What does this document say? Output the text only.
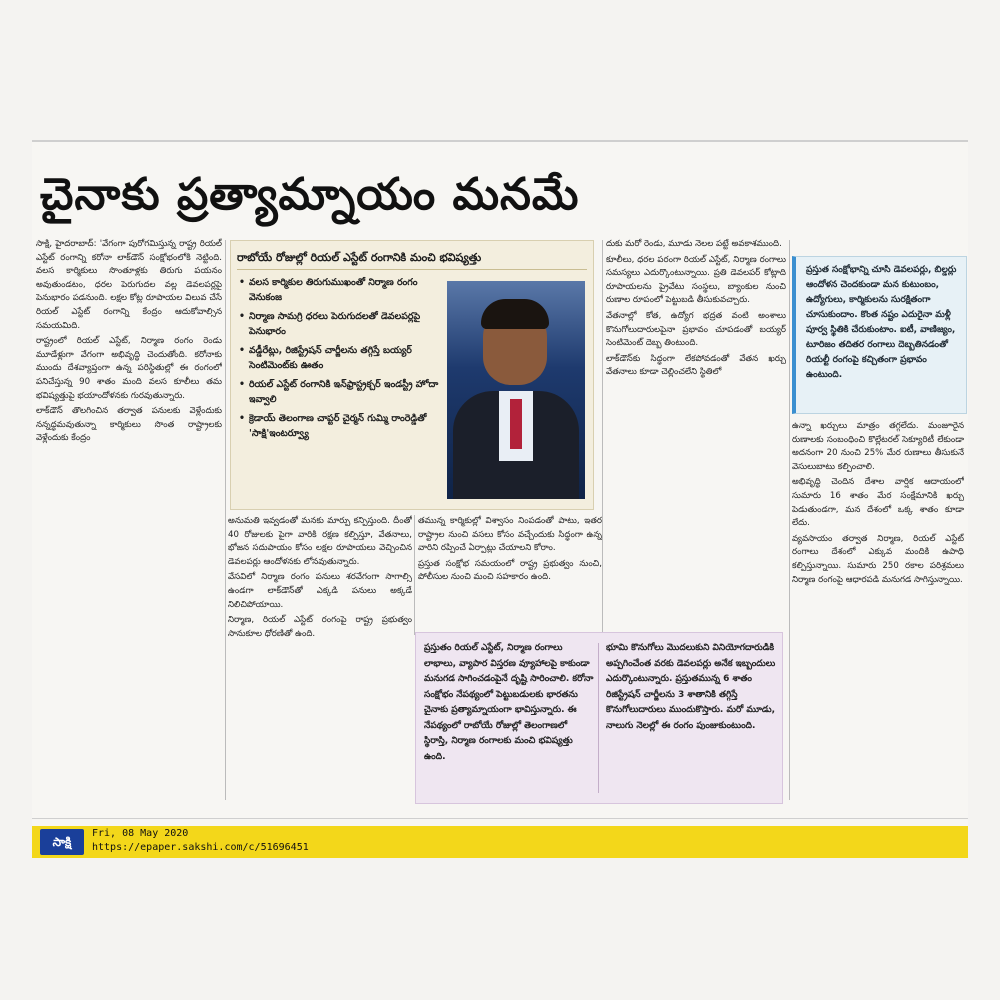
చైనాకు ప్రత్యామ్నాయం మనమే

సాక్షి, హైదరాబాద్‌: 'వేగంగా పురోగమిస్తున్న రాష్ట్ర రియల్‌ ఎస్టేట్‌ రంగాన్ని కరోనా లాక్‌డౌన్‌ సంక్షోభంలోకి నెట్టింది. వలస కార్మికులు సొంతూళ్లకు తిరుగు పయనం అవుతుండటం, ధరల పెరుగుదల వల్ల డెవలపర్లపై పెనుభారం పడనుంది. లక్షల కోట్ల రూపాయల విలువ చేసే రియల్‌ ఎస్టేట్‌ రంగాన్ని కేంద్రం ఆదుకోవాల్సిన సమయమిది.

రాష్ట్రంలో రియల్‌ ఎస్టేట్, నిర్మాణ రంగం రెండు మూడేళ్లుగా వేగంగా అభివృద్ధి చెందుతోంది. కరోనాకు ముందు దేశవ్యాప్తంగా ఉన్న పరిస్థితుల్లో ఈ రంగంలో పనిచేస్తున్న 90 శాతం మంది వలస కూలీలు తమ భవిష్యత్తుపై భయాందోళనకు గురవుతున్నారు.

లాక్‌డౌన్‌ తొలగించిన తర్వాత పనులకు వెళ్లేందుకు నన్నద్ధమవుతున్నా కార్మికులు సొంత రాష్ట్రాలకు వెళ్లేందుకు కేంద్రం

రాబోయే రోజుల్లో రియల్‌ ఎస్టేట్‌ రంగానికి మంచి భవిష్యత్తు
• వలస కార్మికుల తిరుగుముఖంతో నిర్మాణ రంగం వెనుకంజ
• నిర్మాణ సామగ్రి ధరలు పెరుగుదలతో డెవలపర్లపై పెనుభారం
• వడ్డీరేట్లు, రిజిస్ట్రేషన్‌ చార్జీలను తగ్గిస్తే బయ్యర్‌ సెంటిమెంట్‌కు ఊతం
• రియల్‌ ఎస్టేట్‌ రంగానికి ఇన్‌ఫ్రాస్ట్రక్చర్‌ ఇండస్ట్రీ హోదా ఇవ్వాలి
• క్రెడాయ్‌ తెలంగాణ చాప్టర్‌ చైర్మన్‌ గుమ్మి రాంరెడ్డితో 'సాక్షి'ఇంటర్వ్యూ

అనుమతి ఇవ్వడంతో మనకు మార్పు కన్పిస్తుంది. దీంతో 40 రోజులకు పైగా వారికి రక్షణ కల్పిస్తూ, వేతనాలు, భోజన సదుపాయం కోసం లక్షల రూపాయలు వెచ్చించిన డెవలపర్లు ఆందోళనకు లోనవుతున్నారు.

వేసవిలో నిర్మాణ రంగం పనులు శరవేగంగా సాగాల్సి ఉండగా లాక్‌డౌన్‌తో ఎక్కడి పనులు అక్కడే నిలిచిపోయాయి.

నిర్మాణ, రియల్‌ ఎస్టేట్‌ రంగంపై రాష్ట్ర ప్రభుత్వం సానుకూల ధోరణితో ఉంది.

తమున్న కార్మికుల్లో విశ్వాసం నింపడంతో పాటు, ఇతర రాష్ట్రాల నుంచి వసలు కోసం వచ్చేందుకు సిద్ధంగా ఉన్న వారిని రప్పించే ఏర్పాట్లు చేయాలని కోరాం.

ప్రస్తుత సంక్షోభ సమయంలో రాష్ట్ర ప్రభుత్వం నుంచి, పోలీసుల నుంచి మంచి సహకారం ఉంది.

దుకు మరో రెండు, మూడు నెలల పట్టే అవకాశముంది.

కూలీలు, ధరల పరంగా రియల్‌ ఎస్టేట్, నిర్మాణ రంగాలు సమస్యలు ఎదుర్కొంటున్నాయి. ప్రతి డెవలపర్‌ కోట్లాది రూపాయలను ప్రైవేటు సంస్థలు, బ్యాంకుల నుంచి రుణాల రూపంలో పెట్టుబడి తీసుకువచ్చారు.

వేతనాల్లో కోత, ఉద్యోగ భద్రత వంటి అంశాలు కొనుగోలుదారులపైనా ప్రభావం చూపడంతో బయ్యర్‌ సెంటిమెంట్‌ దెబ్బ తింటుంది.

లాక్‌డౌన్‌కు సిద్ధంగా లేకపోవడంతో వేతన ఖర్చు వేతనాలు కూడా చెల్లించలేని స్థితిలో

ప్రస్తుతం రియల్‌ ఎస్టేట్, నిర్మాణ రంగాలు లాభాలు, వ్యాపార విస్తరణ వ్యూహాలపై కాకుండా మనుగడ సాగించడంపైనే దృష్టి సారించాలి. కరోనా సంక్షోభం నేపథ్యంలో పెట్టుబడులకు భారతను చైనాకు ప్రత్యామ్నాయంగా భావిస్తున్నారు. ఈ నేపథ్యంలో రాబోయే రోజుల్లో తెలంగాణలో స్థిరాస్తి, నిర్మాణ రంగాలకు మంచి భవిష్యత్తు ఉంది.
భూమి కొనుగోలు మొదలుకుని వినియోగదారుడికి అప్పగించేంత వరకు డెవలపర్లు అనేక ఇబ్బందులు ఎదుర్కొంటున్నారు. ప్రస్తుతమున్న 6 శాతం రిజిస్ట్రేషన్‌ చార్జీలను 3 శాతానికి తగ్గిస్తే కొనుగోలుదారులు ముందుకొస్తారు. మరో మూడు, నాలుగు నెలల్లో ఈ రంగం పుంజుకుంటుంది.
ప్రస్తుత సంక్షోభాన్ని చూసి డెవలపర్లు, బిల్డర్లు ఆందోళన చెందకుండా మన కుటుంబం, ఉద్యోగులు, కార్మికులను సురక్షితంగా చూసుకుందాం. కొంత నష్టం ఎదురైనా మళ్లీ పూర్వ స్థితికి చేరుకుంటాం. ఐటీ, వాణిజ్యం, టూరిజం తదితర రంగాలు దెబ్బతినడంతో రియల్టీ రంగంపై కచ్చితంగా ప్రభావం ఉంటుంది.

ఉన్నా ఖర్చులు మాత్రం తగ్గలేదు. మంజూరైన రుణాలకు సంబంధించి కొల్లేటరల్‌ సెక్యూరిటీ లేకుండా అదనంగా 20 నుంచి 25% మేర రుణాలు తీసుకునే వెసులుబాటు కల్పించాలి.

అభివృద్ధి చెందిన దేశాల వార్షిక ఆదాయంలో సుమారు 16 శాతం మేర సంక్షేమానికి ఖర్చు పెడుతుండగా, మన దేశంలో ఒక్క శాతం కూడా లేదు.

వ్యవసాయం తర్వాత నిర్మాణ, రియల్‌ ఎస్టేట్‌ రంగాలు దేశంలో ఎక్కువ మందికి ఉపాధి కల్పిస్తున్నాయి. సుమారు 250 రకాల పరిశ్రమలు నిర్మాణ రంగంపై ఆధారపడి మనుగడ సాగిస్తున్నాయి.

సాక్షి
Fri, 08 May 2020
https://epaper.sakshi.com/c/51696451
